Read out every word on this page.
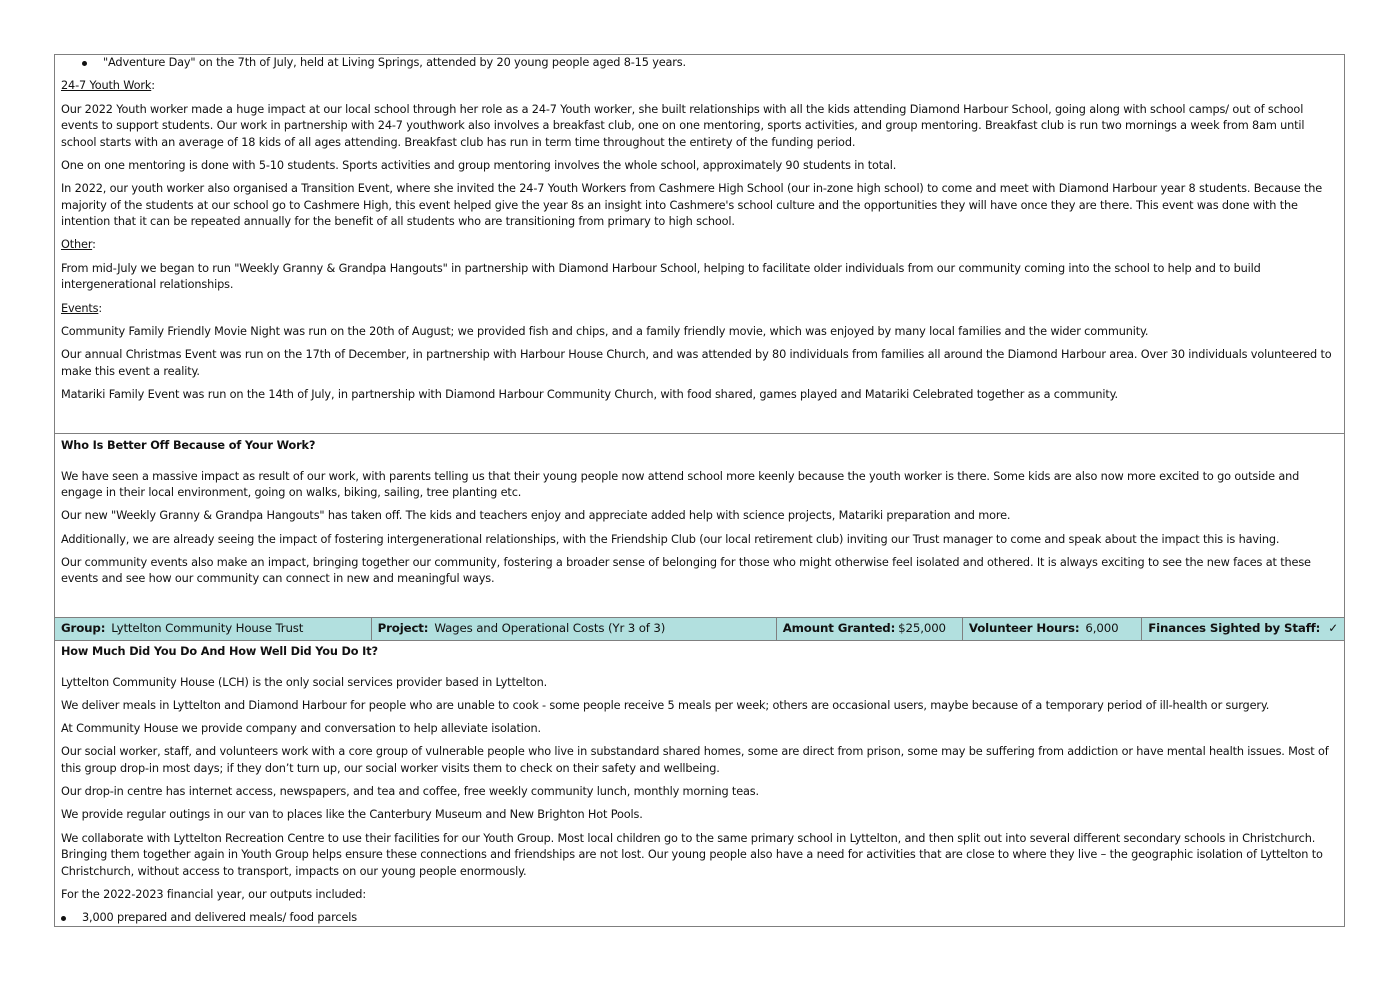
"Adventure Day" on the 7th of July, held at Living Springs, attended by 20 young people aged 8-15 years.

24-7 Youth Work:

Our 2022 Youth worker made a huge impact at our local school through her role as a 24-7 Youth worker, she built relationships with all the kids attending Diamond Harbour School, going along with school camps/ out of school events to support students. Our work in partnership with 24-7 youthwork also involves a breakfast club, one on one mentoring, sports activities, and group mentoring. Breakfast club is run two mornings a week from 8am until school starts with an average of 18 kids of all ages attending. Breakfast club has run in term time throughout the entirety of the funding period.

One on one mentoring is done with 5-10 students. Sports activities and group mentoring involves the whole school, approximately 90 students in total.

In 2022, our youth worker also organised a Transition Event, where she invited the 24-7 Youth Workers from Cashmere High School (our in-zone high school) to come and meet with Diamond Harbour year 8 students. Because the majority of the students at our school go to Cashmere High, this event helped give the year 8s an insight into Cashmere's school culture and the opportunities they will have once they are there. This event was done with the intention that it can be repeated annually for the benefit of all students who are transitioning from primary to high school.

Other:

From mid-July we began to run "Weekly Granny & Grandpa Hangouts" in partnership with Diamond Harbour School, helping to facilitate older individuals from our community coming into the school to help and to build intergenerational relationships.

Events:

Community Family Friendly Movie Night was run on the 20th of August; we provided fish and chips, and a family friendly movie, which was enjoyed by many local families and the wider community.

Our annual Christmas Event was run on the 17th of December, in partnership with Harbour House Church, and was attended by 80 individuals from families all around the Diamond Harbour area. Over 30 individuals volunteered to make this event a reality.

Matariki Family Event was run on the 14th of July, in partnership with Diamond Harbour Community Church, with food shared, games played and Matariki Celebrated together as a community.

Who Is Better Off Because of Your Work?

We have seen a massive impact as result of our work, with parents telling us that their young people now attend school more keenly because the youth worker is there. Some kids are also now more excited to go outside and engage in their local environment, going on walks, biking, sailing, tree planting etc.

Our new "Weekly Granny & Grandpa Hangouts" has taken off. The kids and teachers enjoy and appreciate added help with science projects, Matariki preparation and more.

Additionally, we are already seeing the impact of fostering intergenerational relationships, with the Friendship Club (our local retirement club) inviting our Trust manager to come and speak about the impact this is having.

Our community events also make an impact, bringing together our community, fostering a broader sense of belonging for those who might otherwise feel isolated and othered. It is always exciting to see the new faces at these events and see how our community can connect in new and meaningful ways.

Group: Lyttelton Community House Trust	Project: Wages and Operational Costs (Yr 3 of 3)	Amount Granted: $25,000	Volunteer Hours: 6,000	Finances Sighted by Staff: ✓

How Much Did You Do And How Well Did You Do It?

Lyttelton Community House (LCH) is the only social services provider based in Lyttelton.

We deliver meals in Lyttelton and Diamond Harbour for people who are unable to cook - some people receive 5 meals per week; others are occasional users, maybe because of a temporary period of ill-health or surgery.

At Community House we provide company and conversation to help alleviate isolation.

Our social worker, staff, and volunteers work with a core group of vulnerable people who live in substandard shared homes, some are direct from prison, some may be suffering from addiction or have mental health issues. Most of this group drop-in most days; if they don’t turn up, our social worker visits them to check on their safety and wellbeing.

Our drop-in centre has internet access, newspapers, and tea and coffee, free weekly community lunch, monthly morning teas.

We provide regular outings in our van to places like the Canterbury Museum and New Brighton Hot Pools.

We collaborate with Lyttelton Recreation Centre to use their facilities for our Youth Group. Most local children go to the same primary school in Lyttelton, and then split out into several different secondary schools in Christchurch. Bringing them together again in Youth Group helps ensure these connections and friendships are not lost. Our young people also have a need for activities that are close to where they live – the geographic isolation of Lyttelton to Christchurch, without access to transport, impacts on our young people enormously.

For the 2022-2023 financial year, our outputs included:

3,000 prepared and delivered meals/ food parcels
